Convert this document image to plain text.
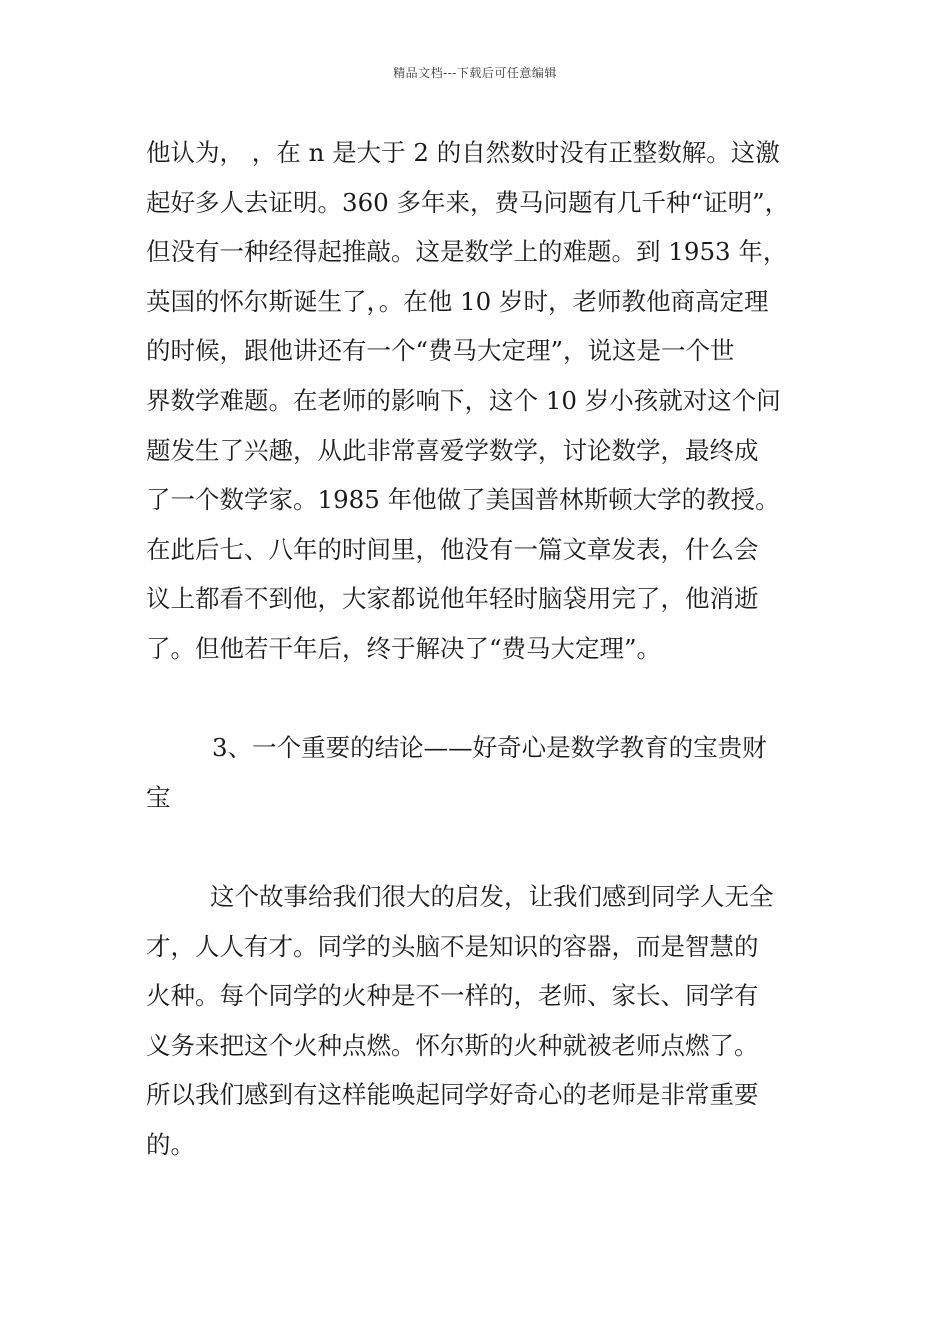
精品文档---下载后可任意编辑
他认为， ，在 n 是大于 2 的自然数时没有正整数解。这激
起好多人去证明。360 多年来，费马问题有几千种“证明”，
但没有一种经得起推敲。这是数学上的难题。到 1953 年，
英国的怀尔斯诞生了，。在他 10 岁时，老师教他商高定理
的时候，跟他讲还有一个“费马大定理”，说这是一个世
界数学难题。在老师的影响下，这个 10 岁小孩就对这个问
题发生了兴趣，从此非常喜爱学数学，讨论数学，最终成
了一个数学家。1985 年他做了美国普林斯顿大学的教授。
在此后七、八年的时间里，他没有一篇文章发表，什么会
议上都看不到他，大家都说他年轻时脑袋用完了，他消逝
了。但他若干年后，终于解决了“费马大定理”。
3、一个重要的结论——好奇心是数学教育的宝贵财
宝
这个故事给我们很大的启发，让我们感到同学人无全
才，人人有才。同学的头脑不是知识的容器，而是智慧的
火种。每个同学的火种是不一样的，老师、家长、同学有
义务来把这个火种点燃。怀尔斯的火种就被老师点燃了。
所以我们感到有这样能唤起同学好奇心的老师是非常重要
的。
